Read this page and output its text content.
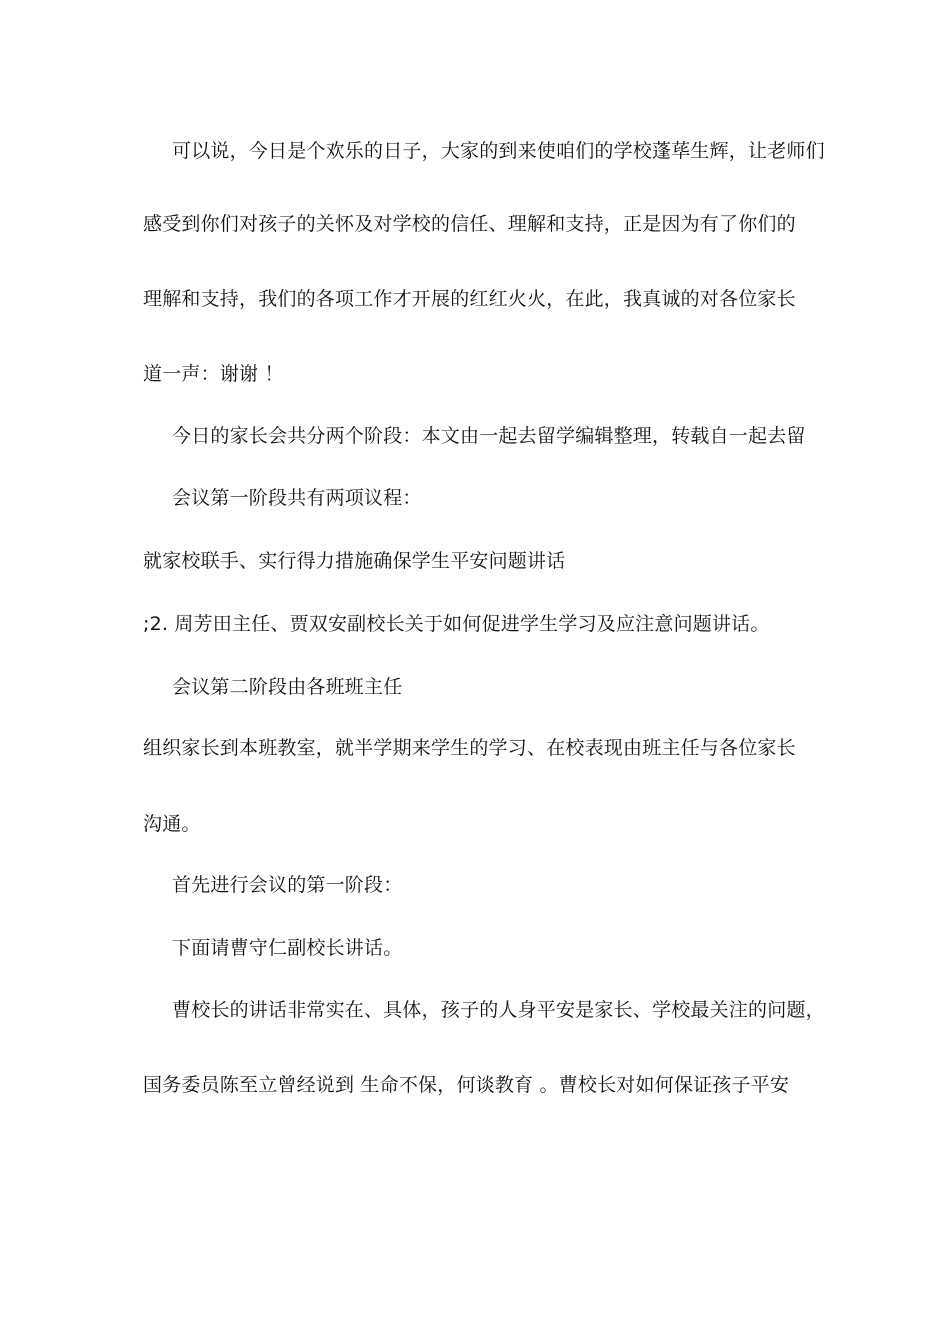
可以说，今日是个欢乐的日子，大家的到来使咱们的学校蓬荜生辉，让老师们
感受到你们对孩子的关怀及对学校的信任、理解和支持，正是因为有了你们的
理解和支持，我们的各项工作才开展的红红火火，在此，我真诚的对各位家长
道一声：谢谢 ！
今日的家长会共分两个阶段：本文由一起去留学编辑整理，转载自一起去留
会议第一阶段共有两项议程：
就家校联手、实行得力措施确保学生平安问题讲话
;2. 周芳田主任、贾双安副校长关于如何促进学生学习及应注意问题讲话。
会议第二阶段由各班班主任
组织家长到本班教室，就半学期来学生的学习、在校表现由班主任与各位家长
沟通。
首先进行会议的第一阶段：
下面请曹守仁副校长讲话。
曹校长的讲话非常实在、具体，孩子的人身平安是家长、学校最关注的问题，
国务委员陈至立曾经说到 生命不保，何谈教育 。曹校长对如何保证孩子平安
